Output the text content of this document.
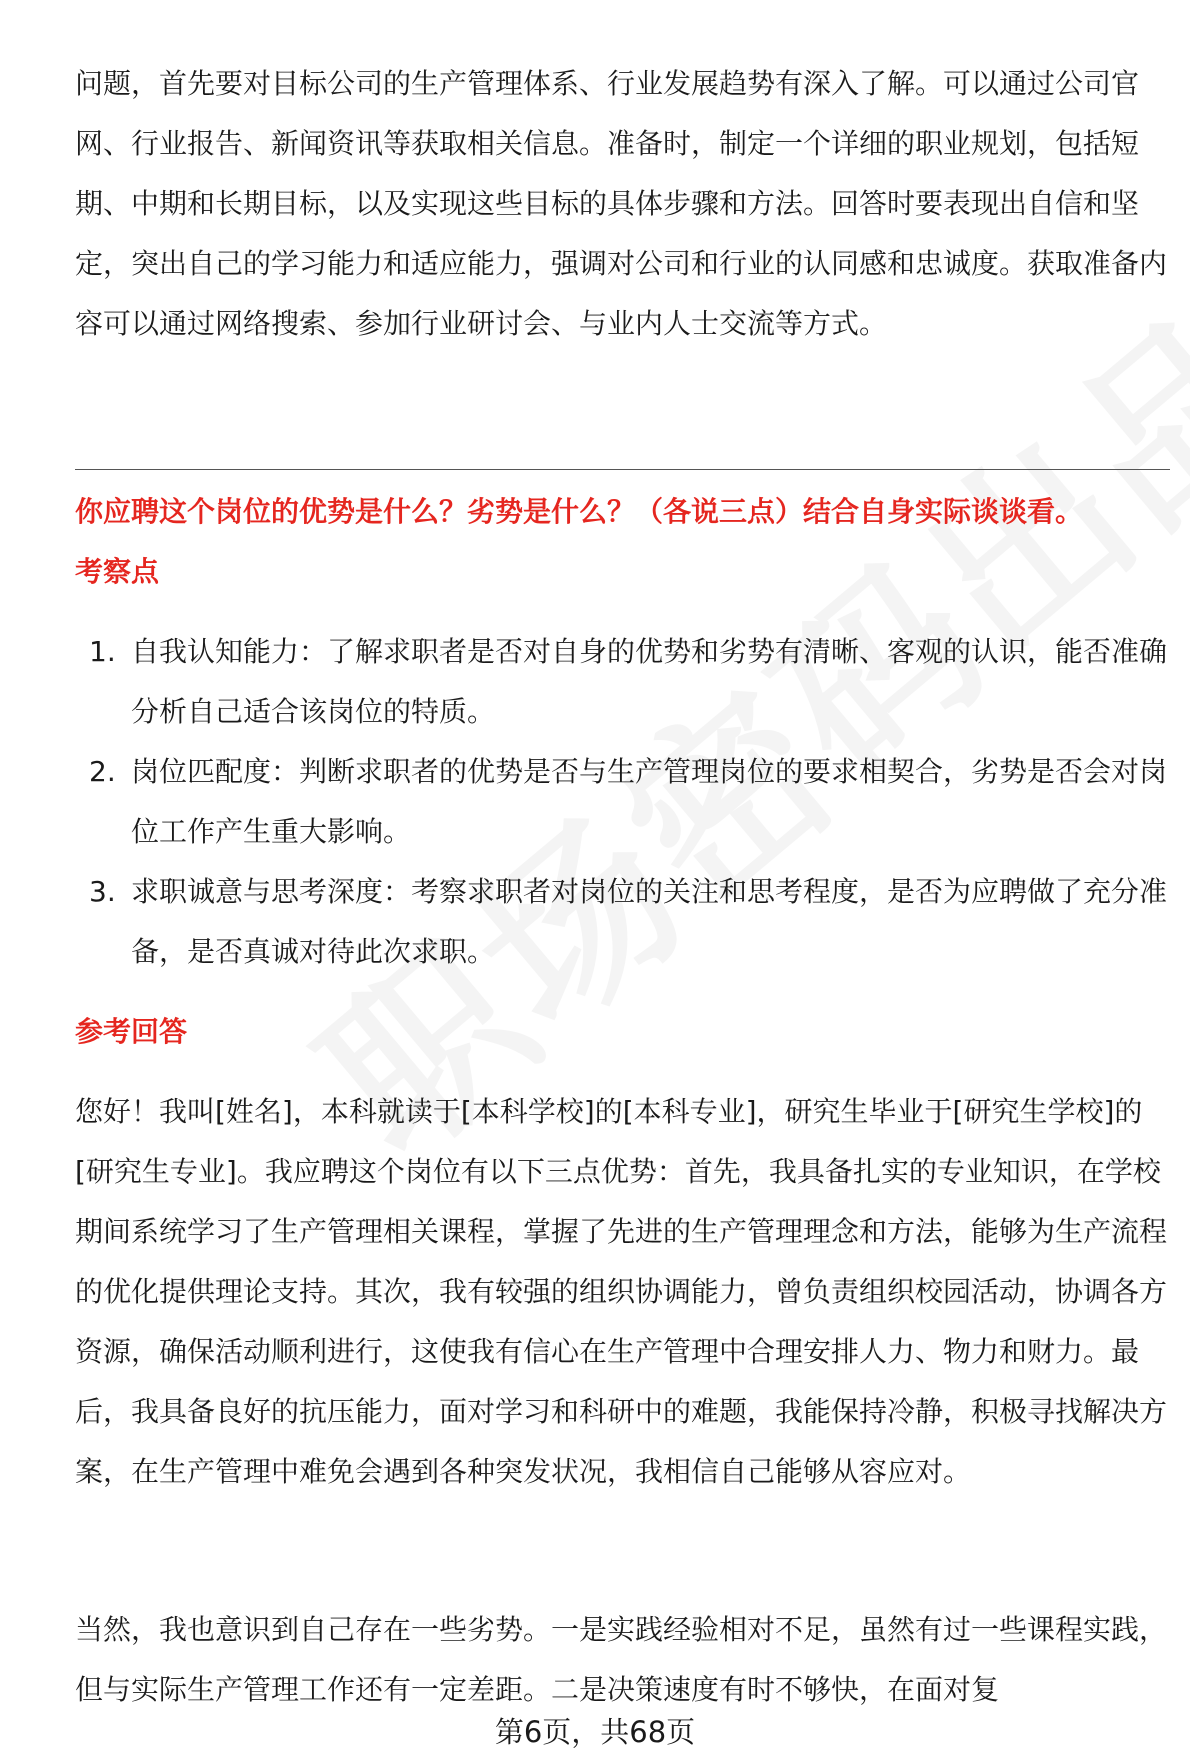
问题，首先要对目标公司的生产管理体系、行业发展趋势有深入了解。可以通过公司官网、行业报告、新闻资讯等获取相关信息。准备时，制定一个详细的职业规划，包括短期、中期和长期目标，以及实现这些目标的具体步骤和方法。回答时要表现出自信和坚定，突出自己的学习能力和适应能力，强调对公司和行业的认同感和忠诚度。获取准备内容可以通过网络搜索、参加行业研讨会、与业内人士交流等方式。

你应聘这个岗位的优势是什么？劣势是什么？（各说三点）结合自身实际谈谈看。
考察点
1. 自我认知能力：了解求职者是否对自身的优势和劣势有清晰、客观的认识，能否准确分析自己适合该岗位的特质。
2. 岗位匹配度：判断求职者的优势是否与生产管理岗位的要求相契合，劣势是否会对岗位工作产生重大影响。
3. 求职诚意与思考深度：考察求职者对岗位的关注和思考程度，是否为应聘做了充分准备，是否真诚对待此次求职。
参考回答

您好！我叫[姓名]，本科就读于[本科学校]的[本科专业]，研究生毕业于[研究生学校]的[研究生专业]。我应聘这个岗位有以下三点优势：首先，我具备扎实的专业知识，在学校期间系统学习了生产管理相关课程，掌握了先进的生产管理理念和方法，能够为生产流程的优化提供理论支持。其次，我有较强的组织协调能力，曾负责组织校园活动，协调各方资源，确保活动顺利进行，这使我有信心在生产管理中合理安排人力、物力和财力。最后，我具备良好的抗压能力，面对学习和科研中的难题，我能保持冷静，积极寻找解决方案，在生产管理中难免会遇到各种突发状况，我相信自己能够从容应对。

当然，我也意识到自己存在一些劣势。一是实践经验相对不足，虽然有过一些课程实践，但与实际生产管理工作还有一定差距。二是决策速度有时不够快，在面对复

第6页，共68页
